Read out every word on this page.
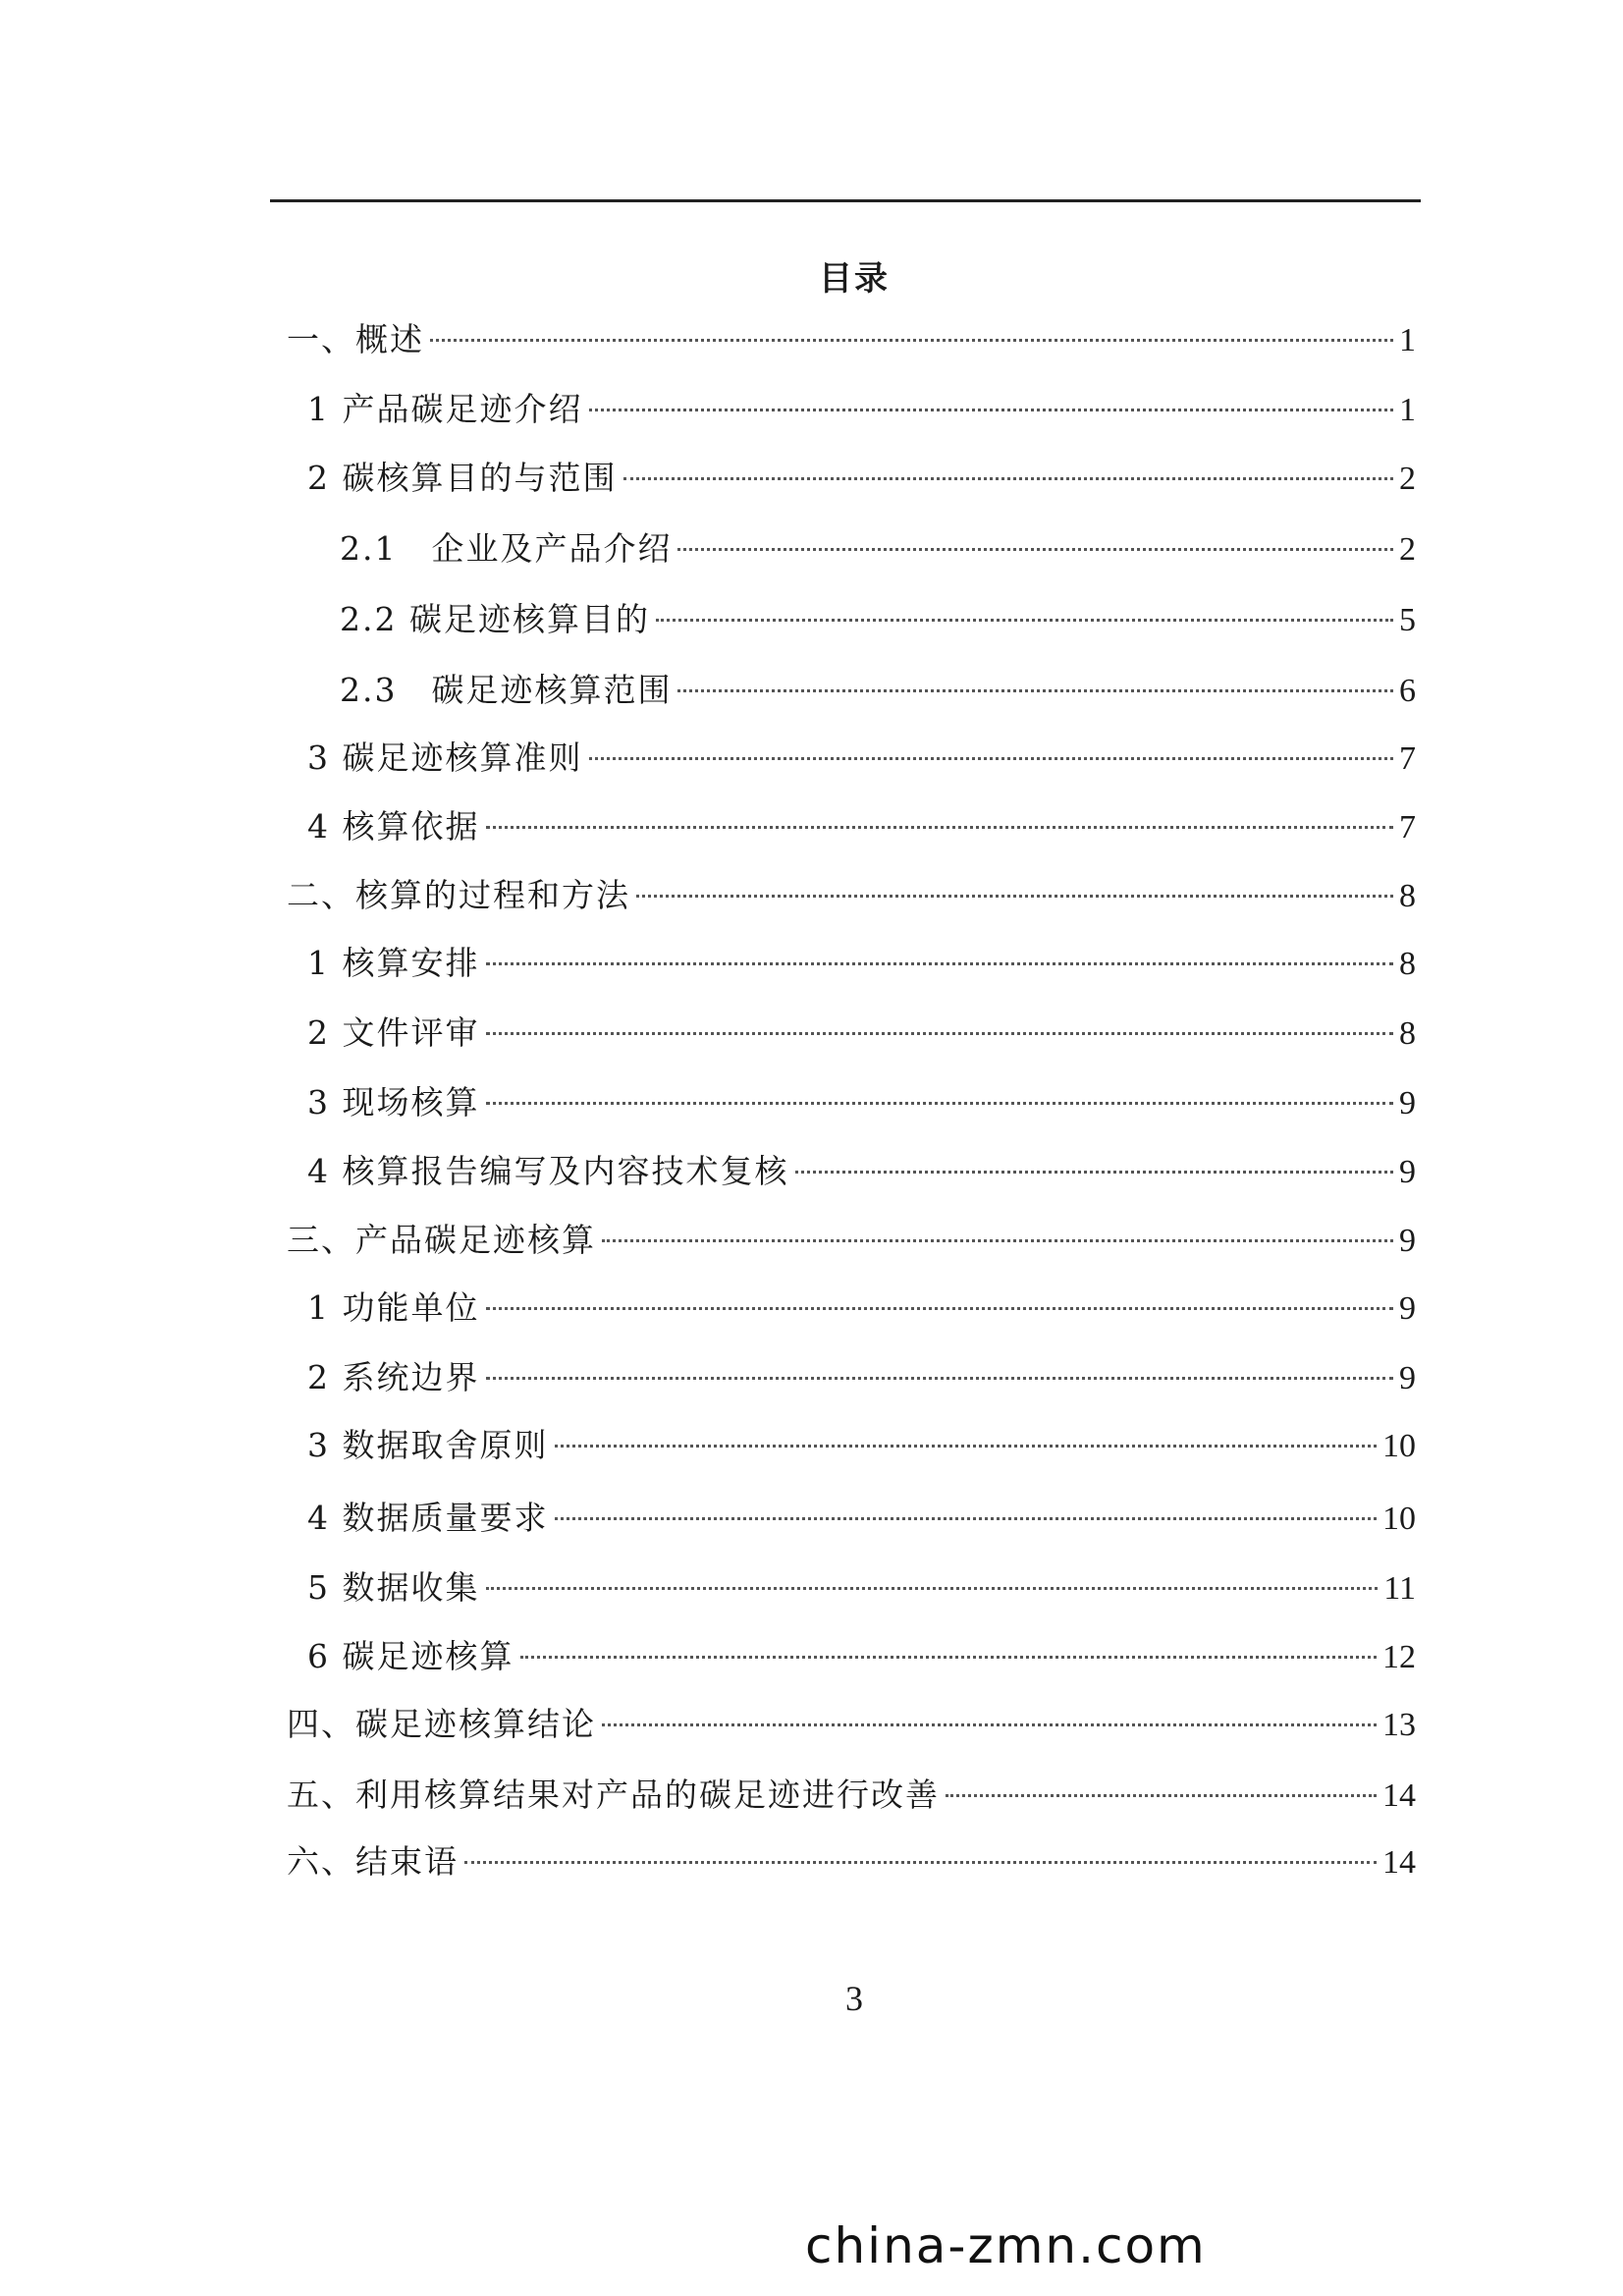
目录
一、概述	1
1 产品碳足迹介绍	1
2 碳核算目的与范围	2
2.1　企业及产品介绍	2
2.2 碳足迹核算目的	5
2.3　碳足迹核算范围	6
3 碳足迹核算准则	7
4 核算依据	7
二、核算的过程和方法	8
1 核算安排	8
2 文件评审	8
3 现场核算	9
4 核算报告编写及内容技术复核	9
三、产品碳足迹核算	9
1 功能单位	9
2 系统边界	9
3 数据取舍原则	10
4 数据质量要求	10
5 数据收集	11
6 碳足迹核算	12
四、碳足迹核算结论	13
五、利用核算结果对产品的碳足迹进行改善	14
六、结束语	14
3
china-zmn.com
